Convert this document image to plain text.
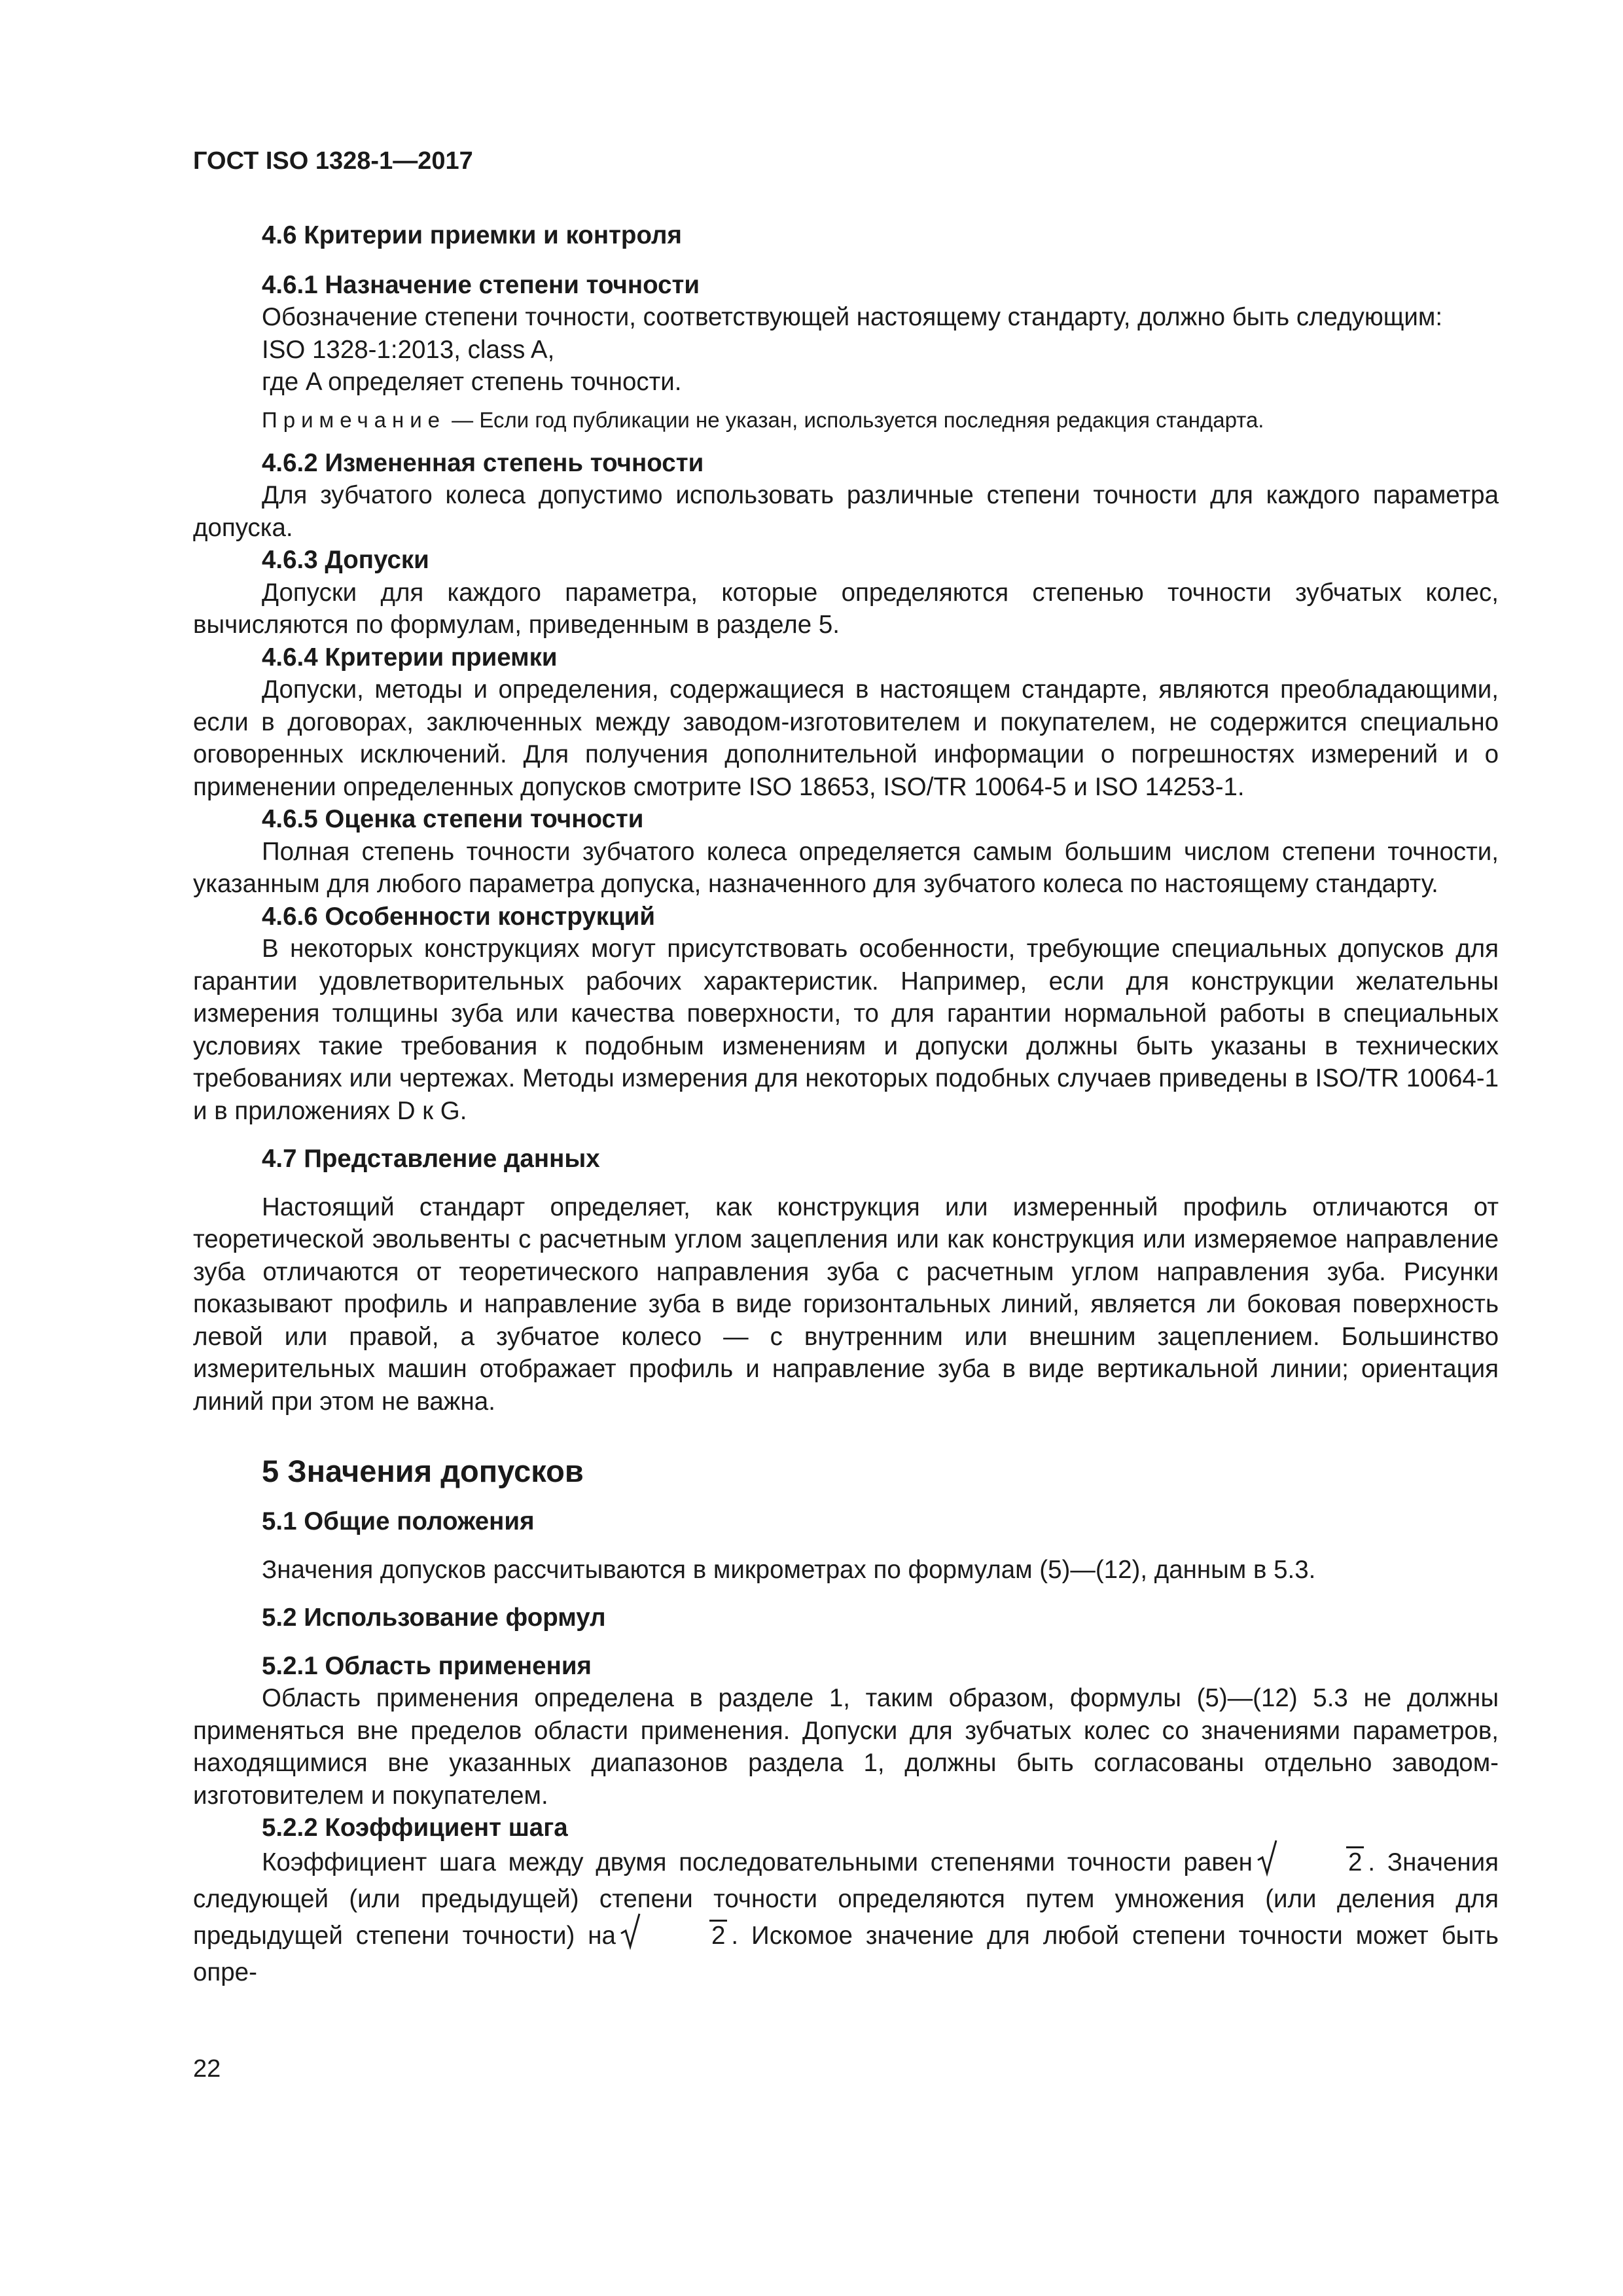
ГОСТ ISO 1328-1—2017

4.6 Критерии приемки и контроля

4.6.1 Назначение степени точности

Обозначение степени точности, соответствующей настоящему стандарту, должно быть следующим:

ISO 1328-1:2013, class A,

где A определяет степень точности.

Примечание — Если год публикации не указан, используется последняя редакция стандарта.

4.6.2 Измененная степень точности

Для зубчатого колеса допустимо использовать различные степени точности для каждого параметра допуска.

4.6.3 Допуски

Допуски для каждого параметра, которые определяются степенью точности зубчатых колес, вычисляются по формулам, приведенным в разделе 5.

4.6.4 Критерии приемки

Допуски, методы и определения, содержащиеся в настоящем стандарте, являются преобладающими, если в договорах, заключенных между заводом-изготовителем и покупателем, не содержится специально оговоренных исключений. Для получения дополнительной информации о погрешностях измерений и о применении определенных допусков смотрите ISO 18653, ISO/TR 10064-5 и ISO 14253-1.

4.6.5 Оценка степени точности

Полная степень точности зубчатого колеса определяется самым большим числом степени точности, указанным для любого параметра допуска, назначенного для зубчатого колеса по настоящему стандарту.

4.6.6 Особенности конструкций

В некоторых конструкциях могут присутствовать особенности, требующие специальных допусков для гарантии удовлетворительных рабочих характеристик. Например, если для конструкции желательны измерения толщины зуба или качества поверхности, то для гарантии нормальной работы в специальных условиях такие требования к подобным изменениям и допуски должны быть указаны в технических требованиях или чертежах. Методы измерения для некоторых подобных случаев приведены в ISO/TR 10064-1 и в приложениях D к G.

4.7 Представление данных

Настоящий стандарт определяет, как конструкция или измеренный профиль отличаются от теоретической эвольвенты с расчетным углом зацепления или как конструкция или измеряемое направление зуба отличаются от теоретического направления зуба с расчетным углом направления зуба. Рисунки показывают профиль и направление зуба в виде горизонтальных линий, является ли боковая поверхность левой или правой, а зубчатое колесо — с внутренним или внешним зацеплением. Большинство измерительных машин отображает профиль и направление зуба в виде вертикальной линии; ориентация линий при этом не важна.

5 Значения допусков

5.1 Общие положения

Значения допусков рассчитываются в микрометрах по формулам (5)—(12), данным в 5.3.

5.2 Использование формул

5.2.1 Область применения

Область применения определена в разделе 1, таким образом, формулы (5)—(12) 5.3 не должны применяться вне пределов области применения. Допуски для зубчатых колес со значениями параметров, находящимися вне указанных диапазонов раздела 1, должны быть согласованы отдельно заводом-изготовителем и покупателем.

5.2.2 Коэффициент шага

Коэффициент шага между двумя последовательными степенями точности равен	2 . Значения следующей (или предыдущей) степени точности определяются путем умножения (или деления для предыдущей степени точности) на	2 . Искомое значение для любой степени точности может быть опре-

22
